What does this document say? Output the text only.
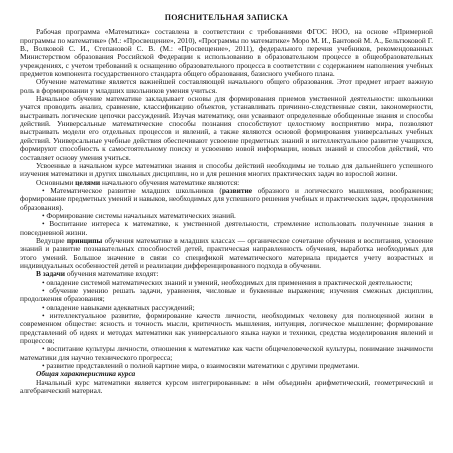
ПОЯСНИТЕЛЬНАЯ ЗАПИСКА

Рабочая программа «Математика» составлена в соответствии с требованиями ФГОС НОО, на основе «Примерной программы по математике» (М.: «Просвещение», 2010), «Программы по математике» Моро М. И., Бантовой М. А., Бельтюковой Г. В., Волковой С. И., Степановой С. В. (М.: «Просвещение», 2011), федерального перечня учебников, рекомендованных Министерством образования Российской Федерации к использованию в образовательном процессе в общеобразовательных учреждениях, с учетом требований к оснащению образовательного процесса в соответствии с содержанием наполнения учебных предметов компонента государственного стандарта общего образования, базисного учебного плана.

Обучение математике является важнейшей составляющей начального общего образования. Этот предмет играет важную роль в формировании у младших школьников умения учиться.

Начальное обучение математике закладывает основы для формирования приемов умственной деятельности: школьники учатся проводить анализ, сравнение, классификацию объектов, устанавливать причинно-следственные связи, закономерности, выстраивать логические цепочки рассуждений. Изучая математику, они усваивают определенные обобщенные знания и способы действий. Универсальные математические способы познания способствуют целостному восприятию мира, позволяют выстраивать модели его отдельных процессов и явлений, а также являются основой формирования универсальных учебных действий. Универсальные учебные действия обеспечивают усвоение предметных знаний и интеллектуальное развитие учащихся, формируют способность к самостоятельному поиску и усвоению новой информации, новых знаний и способов действий, что составляет основу умения учиться.

Усвоенные в начальном курсе математики знания и способы действий необходимы не только для дальнейшего успешного изучения математики и других школьных дисциплин, но и для решения многих практических задач во взрослой жизни.

Основными целями начального обучения математике являются:

• Математическое развитие младших школьников (развитие образного и логического мышления, воображения; формирование предметных умений и навыков, необходимых для успешного решения учебных и практических задач, продолжения образования).

• Формирование системы начальных математических знаний.

• Воспитание интереса к математике, к умственной деятельности, стремление использовать полученные знания в повседневной жизни.

Ведущие принципы обучения математике в младших классах — органическое сочетание обучения и воспитания, усвоение знаний и развитие познавательных способностей детей, практическая направленность обучения, выработка необходимых для этого умений. Большое значение в связи со спецификой математического материала придается учету возрастных и индивидуальных особенностей детей и реализации дифференцированного подхода в обучении.

В задачи обучения математике входят:

• овладение системой математических знаний и умений, необходимых для применения в практической деятельности;

• обучение умению решать задачи, уравнения, числовые и буквенные выражения; изучения смежных дисциплин, продолжения образования;

• овладение навыками адекватных рассуждений;

• интеллектуальное развитие, формирование качеств личности, необходимых человеку для полноценной жизни в современном обществе: ясность и точность мысли, критичность мышления, интуиция, логическое мышление; формирование представлений об идеях и методах математики как универсального языка науки и техники, средства моделирования явлений и процессов;

• воспитание культуры личности, отношения к математике как части общечеловеческой культуры, понимание значимости математики для научно технического прогресса;

• развитие представлений о полной картине мира, о взаимосвязи математики с другими предметами.

Общая характеристика курса

Начальный курс математики является курсом интегрированным: в нём объединён арифметический, геометрический и алгебраический материал.
